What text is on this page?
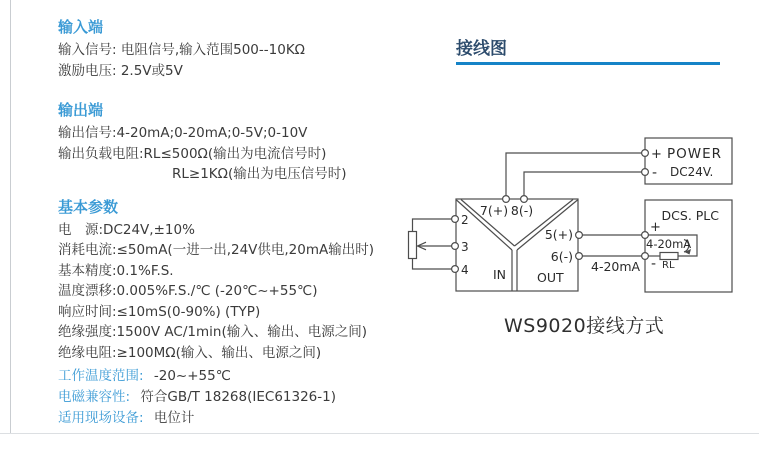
输入端

输入信号: 电阻信号,输入范围500--10KΩ

激励电压: 2.5V或5V

输出端

输出信号:4-20mA;0-20mA;0-5V;0-10V

输出负载电阻:RL≤500Ω(输出为电流信号时)

RL≥1KΩ(输出为电压信号时)

基本参数

电　源:DC24V,±10%

消耗电流:≤50mA(一进一出,24V供电,20mA输出时)

基本精度:0.1%F.S.

温度漂移:0.005%F.S./℃ (-20℃~+55℃)

响应时间:≤10mS(0-90%) (TYP)

绝缘强度:1500V AC/1min(输入、输出、电源之间)

绝缘电阻:≥100MΩ(输入、输出、电源之间)

工作温度范围: -20~+55℃

电磁兼容性: 符合GB/T 18268(IEC61326-1)

适用现场设备: 电位计

接线图
7(+) 8(-)
2
3
4
5(+)
6(-)
IN OUT
POWER
DC24V.
+
-
DCS. PLC
+
-
4-20mA
RL
4-20mA
WS9020接线方式
